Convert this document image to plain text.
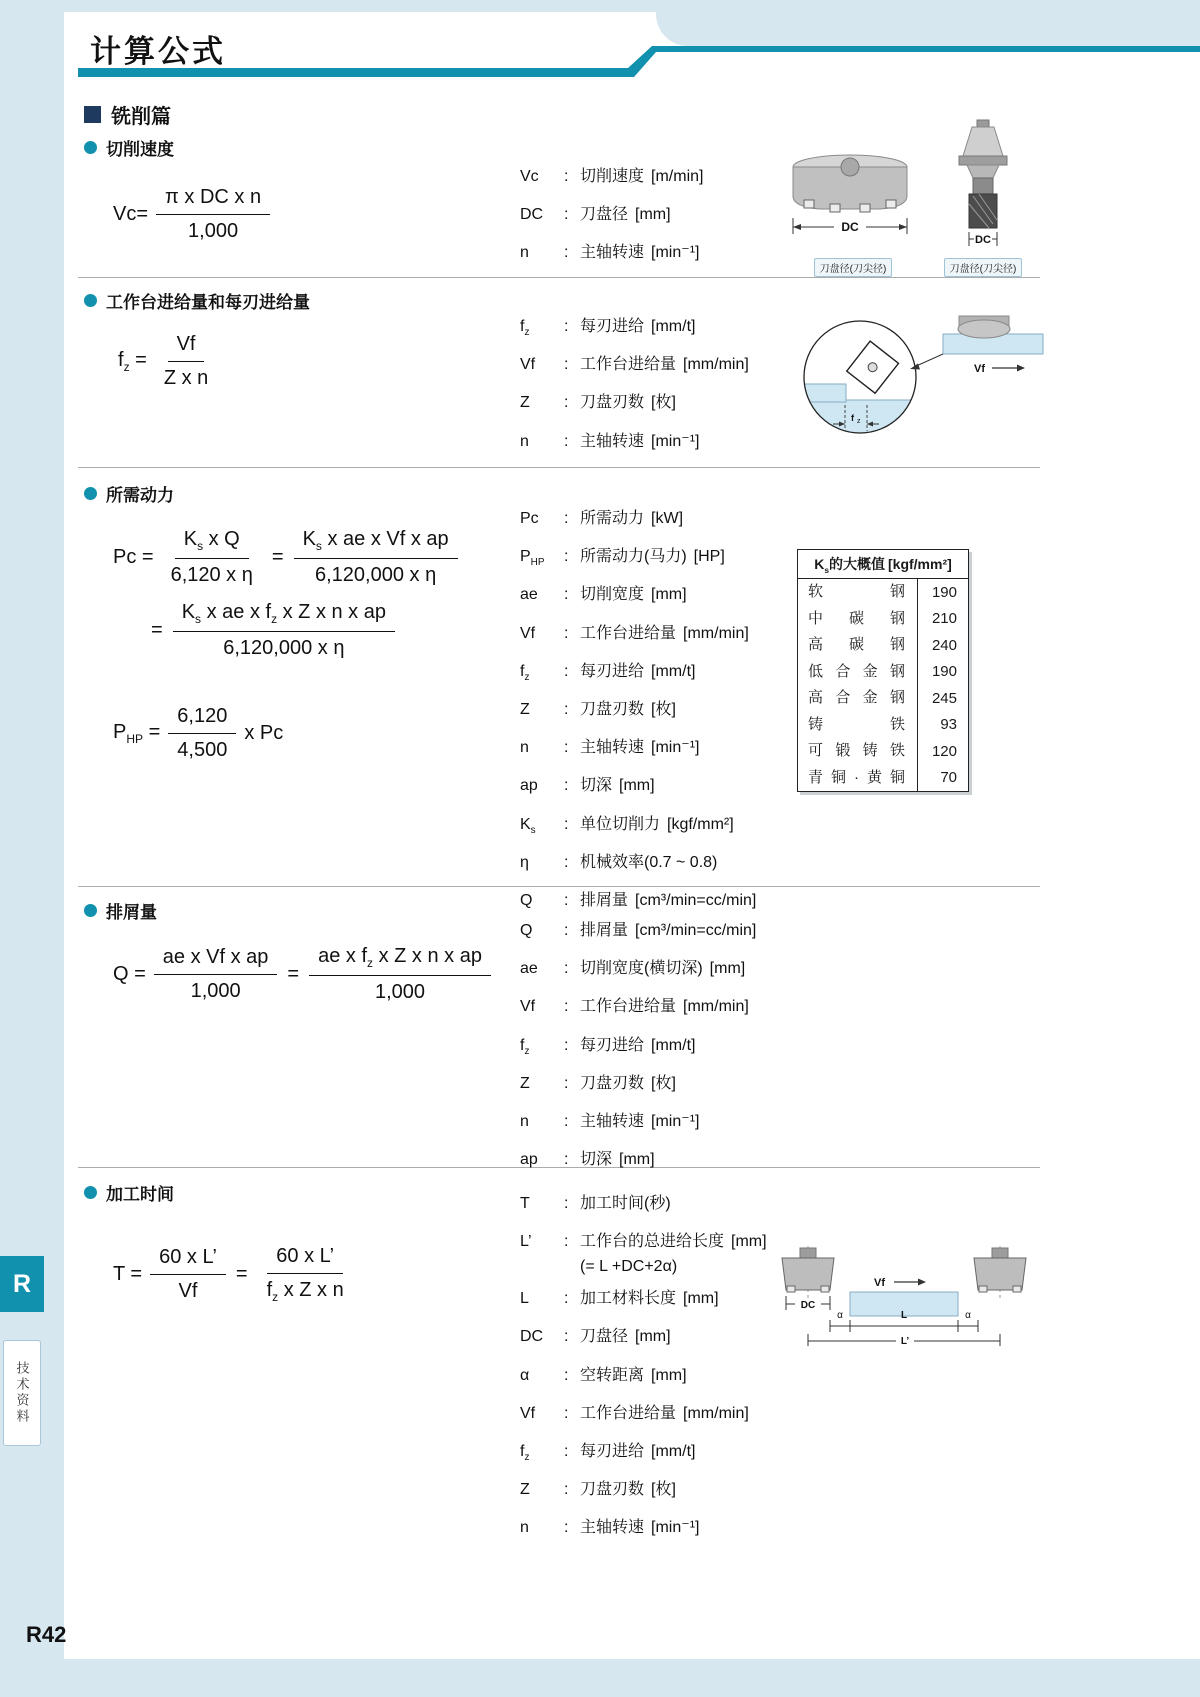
计算公式
铣削篇
切削速度
工作台进给量和每刃进给量
所需动力
排屑量
加工时间
$Vc= \frac{\text{π x DC x n}}{1,000}$
$f_z = \frac{Vf}{\text{Z x n}}$
$Pc = \frac{K_s x Q}{\text{6,120 x η}} = \frac{K_s x ae x Vf x ap}{\text{6,120,000 x η}}$
= $\frac{K_s x ae x f_z x Z x n x ap}{\text{6,120,000 x η}}$
$P_{HP} = \frac{6,120}{4,500}$ x Pc
$Q = \frac{\text{ae x Vf x ap}}{1,000} = \frac{ae x f_z x Z x n x ap}{1,000}$
$T = \frac{\text{60 x L’}}{Vf} = \frac{\text{60 x L’}}{f_z x Z x n}$
Vc	: 切削速度 [m/min]
DC	: 刀盘径 [mm]
n	: 主轴转速 [min⁻¹]
$f_z$	: 每刃进给 [mm/t]
Vf	: 工作台进给量 [mm/min]
Z	: 刀盘刃数 [枚]
n	: 主轴转速 [min⁻¹]
Pc	: 所需动力 [kW]
$P_{HP}$	: 所需动力(马力) [HP]
ae	: 切削宽度 [mm]
Vf	: 工作台进给量 [mm/min]
$f_z$	: 每刃进给 [mm/t]
Z	: 刀盘刃数 [枚]
n	: 主轴转速 [min⁻¹]
ap	: 切深 [mm]
$K_s$	: 单位切削力 [kgf/mm²]
η	: 机械效率(0.7 ~ 0.8)
Q	: 排屑量 [cm³/min=cc/min]
Q	: 排屑量 [cm³/min=cc/min]
ae	: 切削宽度(横切深) [mm]
Vf	: 工作台进给量 [mm/min]
$f_z$	: 每刃进给 [mm/t]
Z	: 刀盘刃数 [枚]
n	: 主轴转速 [min⁻¹]
ap	: 切深 [mm]
T	: 加工时间(秒)
L’	: 工作台的总进给长度 [mm]
(= L +DC+2α)
L	: 加工材料长度 [mm]
DC	: 刀盘径 [mm]
α	: 空转距离 [mm]
Vf	: 工作台进给量 [mm/min]
$f_z$	: 每刃进给 [mm/t]
Z	: 刀盘刃数 [枚]
n	: 主轴转速 [min⁻¹]
$K_s$的大概值 [kgf/mm²]
软 钢	190
中 碳 钢	210
高 碳 钢	240
低 合 金 钢	190
高 合 金 钢	245
铸 铁	93
可 锻 铸 铁	120
青铜·黄铜	70
DC
刀盘径(刀尖径)
DC
刀盘径(刀尖径)
f z
Vf
Vf
DC
α	L	α
L’
R
技术资料
R42
